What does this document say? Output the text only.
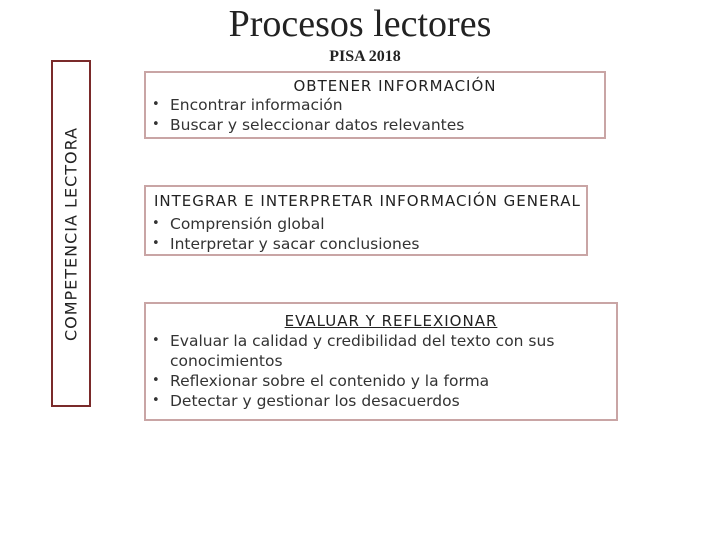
Procesos lectores
PISA 2018
COMPETENCIA LECTORA
OBTENER INFORMACIÓN
• Encontrar información
• Buscar y seleccionar datos relevantes
INTEGRAR E INTERPRETAR INFORMACIÓN GENERAL
• Comprensión global
• Interpretar y sacar conclusiones
EVALUAR Y REFLEXIONAR
• Evaluar la calidad y credibilidad del texto con sus conocimientos
• Reflexionar sobre el contenido y la forma
• Detectar y gestionar los desacuerdos
